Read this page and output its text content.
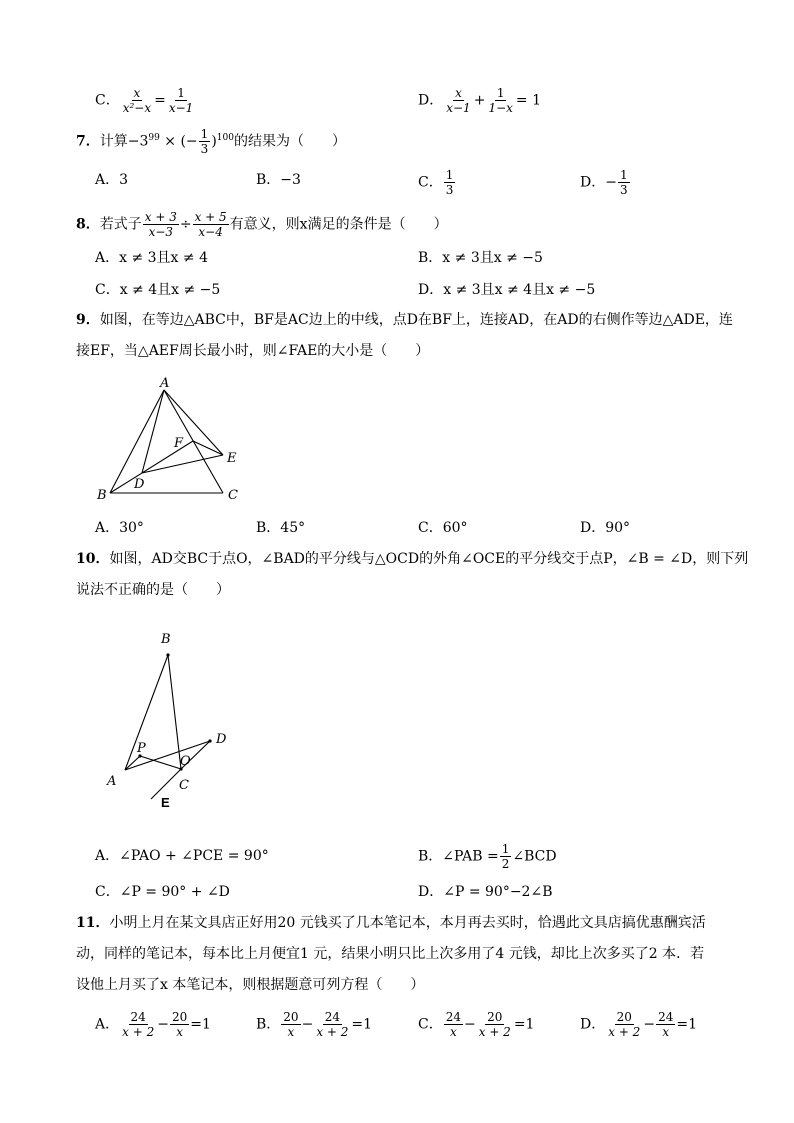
C． $\frac{x}{\text{x²−x}} = \frac{1}{x-1}$	D． $\frac{x}{x-1} + \frac{1}{1-x} = 1$
7．计算$-3^{99}$ × (− $\frac{1}{3} )^{100}$的结果为（　　）
A．3	B．−3	C． $\frac{1}{3}$	D．− $\frac{1}{3}$
8．若式子 $\frac{x + 3}{x-3} \div \frac{x + 5}{x-4}$ 有意义，则x满足的条件是（　　）
A．x ≠ 3且x ≠ 4	B．x ≠ 3且x ≠ −5
C．x ≠ 4且x ≠ −5	D．x ≠ 3且x ≠ 4且x ≠ −5
9．如图，在等边△ABC中，BF是AC边上的中线，点D在BF上，连接AD，在AD的右侧作等边△ADE，连
接EF，当△AEF周长最小时，则∠FAE的大小是（　　）
A
B	C
D
E
F
A．30°	B．45°	C．60°	D．90°
10．如图，AD交BC于点O，∠BAD的平分线与△OCD的外角∠OCE的平分线交于点P，∠B = ∠D，则下列
说法不正确的是（　　）
B
D
P
O
A	C
E
A．∠PAO + ∠PCE = 90°	B．∠PAB = $\frac{1}{2}$ ∠BCD
C．∠P = 90° + ∠D	D．∠P = 90°−2∠B
11．小明上月在某文具店正好用20 元钱买了几本笔记本，本月再去买时，恰遇此文具店搞优惠酬宾活
动，同样的笔记本，每本比上月便宜1 元，结果小明只比上次多用了4 元钱，却比上次多买了2 本．若
设他上月买了x 本笔记本，则根据题意可列方程（　　）
A． $\frac{24}{x + 2} - \frac{20}{x} =1$	B． $\frac{20}{x} - \frac{24}{x + 2} =1$	C． $\frac{24}{x} - \frac{20}{x + 2} =1$	D． $\frac{20}{x + 2} - \frac{24}{x} =1$
